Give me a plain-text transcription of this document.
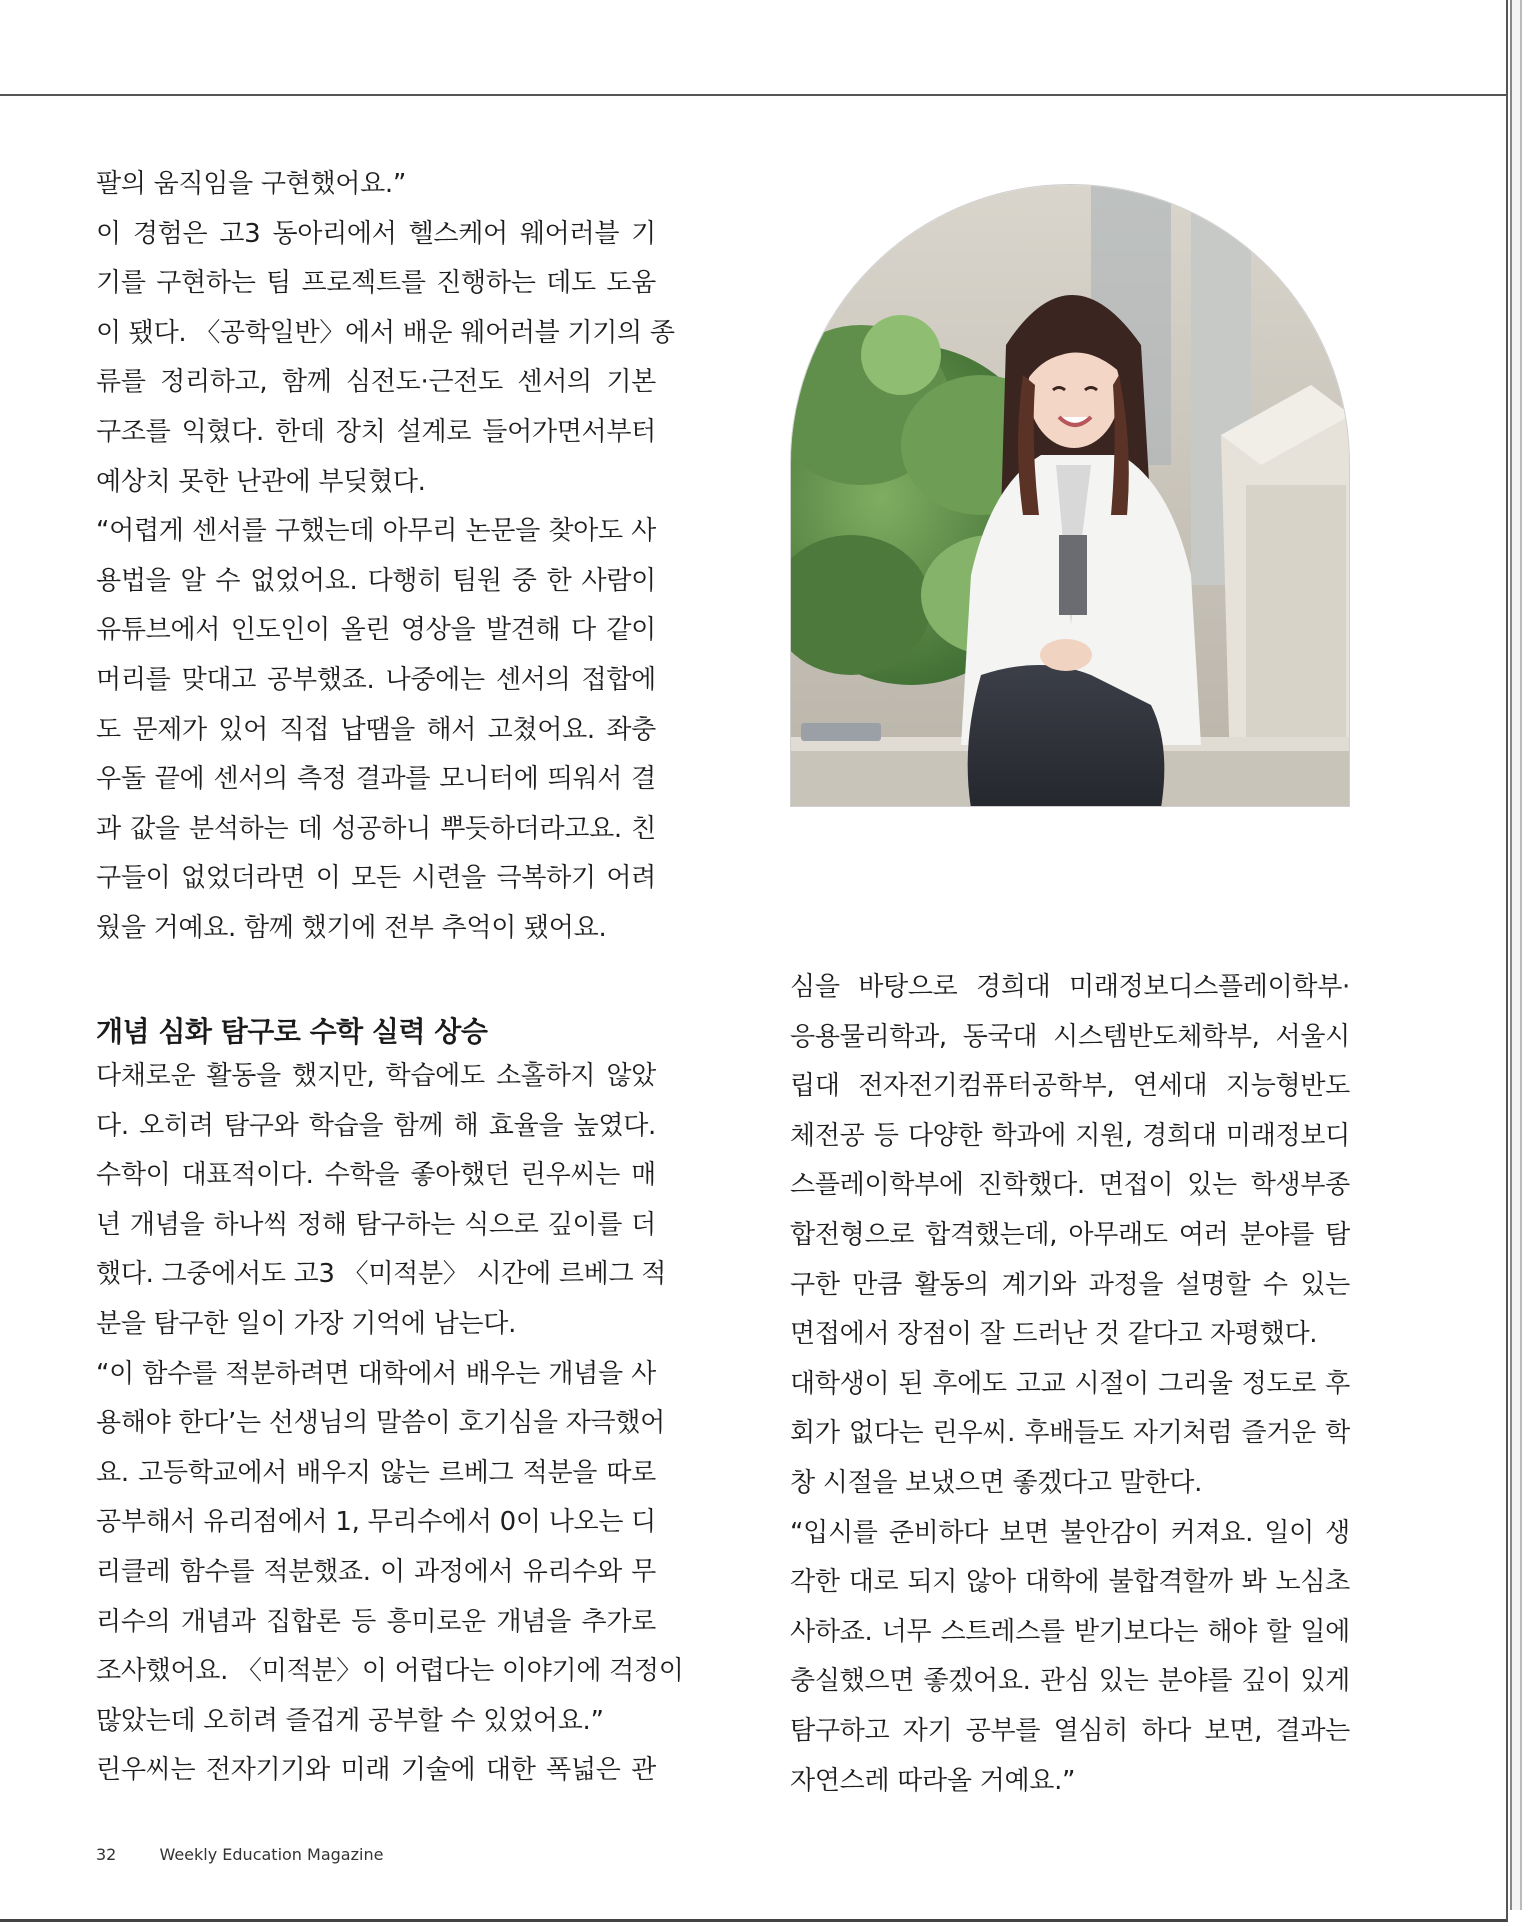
팔의 움직임을 구현했어요.”
이 경험은 고3 동아리에서 헬스케어 웨어러블 기
기를 구현하는 팀 프로젝트를 진행하는 데도 도움
이 됐다. 〈공학일반〉에서 배운 웨어러블 기기의 종
류를 정리하고, 함께 심전도·근전도 센서의 기본
구조를 익혔다. 한데 장치 설계로 들어가면서부터
예상치 못한 난관에 부딪혔다.
“어렵게 센서를 구했는데 아무리 논문을 찾아도 사
용법을 알 수 없었어요. 다행히 팀원 중 한 사람이
유튜브에서 인도인이 올린 영상을 발견해 다 같이
머리를 맞대고 공부했죠. 나중에는 센서의 접합에
도 문제가 있어 직접 납땜을 해서 고쳤어요. 좌충
우돌 끝에 센서의 측정 결과를 모니터에 띄워서 결
과 값을 분석하는 데 성공하니 뿌듯하더라고요. 친
구들이 없었더라면 이 모든 시련을 극복하기 어려
웠을 거예요. 함께 했기에 전부 추억이 됐어요.
개념 심화 탐구로 수학 실력 상승
다채로운 활동을 했지만, 학습에도 소홀하지 않았
다. 오히려 탐구와 학습을 함께 해 효율을 높였다.
수학이 대표적이다. 수학을 좋아했던 린우씨는 매
년 개념을 하나씩 정해 탐구하는 식으로 깊이를 더
했다. 그중에서도 고3 〈미적분〉 시간에 르베그 적
분을 탐구한 일이 가장 기억에 남는다.
“이 함수를 적분하려면 대학에서 배우는 개념을 사
용해야 한다’는 선생님의 말씀이 호기심을 자극했어
요. 고등학교에서 배우지 않는 르베그 적분을 따로
공부해서 유리점에서 1, 무리수에서 0이 나오는 디
리클레 함수를 적분했죠. 이 과정에서 유리수와 무
리수의 개념과 집합론 등 흥미로운 개념을 추가로
조사했어요. 〈미적분〉이 어렵다는 이야기에 걱정이
많았는데 오히려 즐겁게 공부할 수 있었어요.”
린우씨는 전자기기와 미래 기술에 대한 폭넓은 관
심을 바탕으로 경희대 미래정보디스플레이학부·
응용물리학과, 동국대 시스템반도체학부, 서울시
립대 전자전기컴퓨터공학부, 연세대 지능형반도
체전공 등 다양한 학과에 지원, 경희대 미래정보디
스플레이학부에 진학했다. 면접이 있는 학생부종
합전형으로 합격했는데, 아무래도 여러 분야를 탐
구한 만큼 활동의 계기와 과정을 설명할 수 있는
면접에서 장점이 잘 드러난 것 같다고 자평했다.
대학생이 된 후에도 고교 시절이 그리울 정도로 후
회가 없다는 린우씨. 후배들도 자기처럼 즐거운 학
창 시절을 보냈으면 좋겠다고 말한다.
“입시를 준비하다 보면 불안감이 커져요. 일이 생
각한 대로 되지 않아 대학에 불합격할까 봐 노심초
사하죠. 너무 스트레스를 받기보다는 해야 할 일에
충실했으면 좋겠어요. 관심 있는 분야를 깊이 있게
탐구하고 자기 공부를 열심히 하다 보면, 결과는
자연스레 따라올 거예요.”
32	Weekly Education Magazine
